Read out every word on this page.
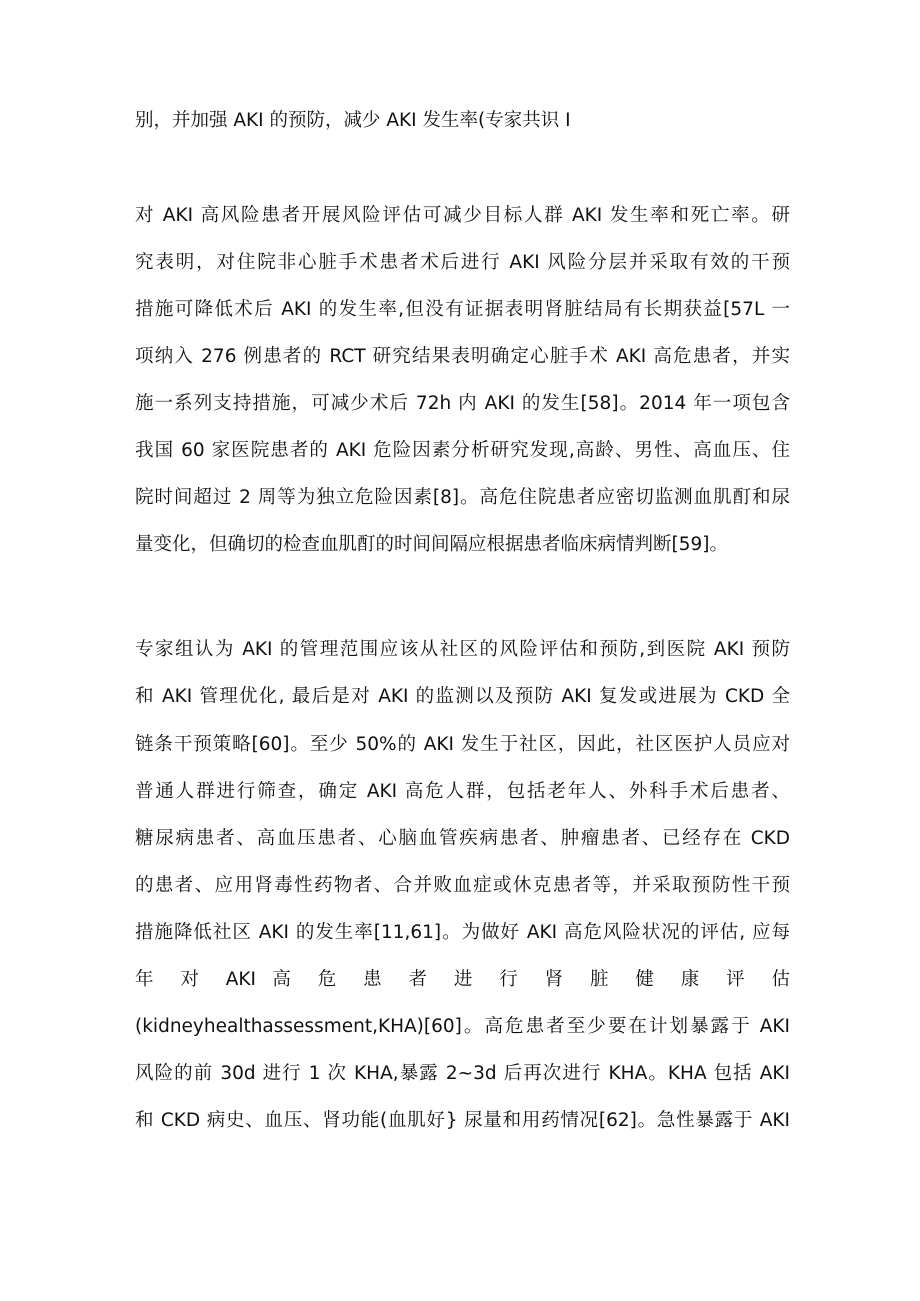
别，并加强 AKI 的预防，减少 AKI 发生率(专家共识 I
对 AKI 高风险患者开展风险评估可减少目标人群 AKI 发生率和死亡率。研
究表明，对住院非心脏手术患者术后进行 AKI 风险分层并采取有效的干预
措施可降低术后 AKI 的发生率,但没有证据表明肾脏结局有长期获益[57L 一
项纳入 276 例患者的 RCT 研究结果表明确定心脏手术 AKI 高危患者，并实
施一系列支持措施，可减少术后 72h 内 AKI 的发生[58]。2014 年一项包含
我国 60 家医院患者的 AKI 危险因素分析研究发现,高龄、男性、高血压、住
院时间超过 2 周等为独立危险因素[8]。高危住院患者应密切监测血肌酊和尿
量变化，但确切的检查血肌酊的时间间隔应根据患者临床病情判断[59]。
专家组认为 AKI 的管理范围应该从社区的风险评估和预防,到医院 AKI 预防
和 AKI 管理优化, 最后是对 AKI 的监测以及预防 AKI 复发或进展为 CKD 全
链条干预策略[60]。至少 50%的 AKI 发生于社区，因此，社区医护人员应对
普通人群进行筛查，确定 AKI 高危人群，包括老年人、外科手术后患者、
糖尿病患者、高血压患者、心脑血管疾病患者、肿瘤患者、已经存在 CKD
的患者、应用肾毒性药物者、合并败血症或休克患者等，并采取预防性干预
措施降低社区 AKI 的发生率[11,61]。为做好 AKI 高危风险状况的评估, 应每
年 对 AKI 高 危 患 者 进 行 肾 脏 健 康 评 估
(kidneyhealthassessment,KHA)[60]。高危患者至少要在计划暴露于 AKI
风险的前 30d 进行 1 次 KHA,暴露 2~3d 后再次进行 KHA。KHA 包括 AKI
和 CKD 病史、血压、肾功能(血肌好} 尿量和用药情况[62]。急性暴露于 AKI
